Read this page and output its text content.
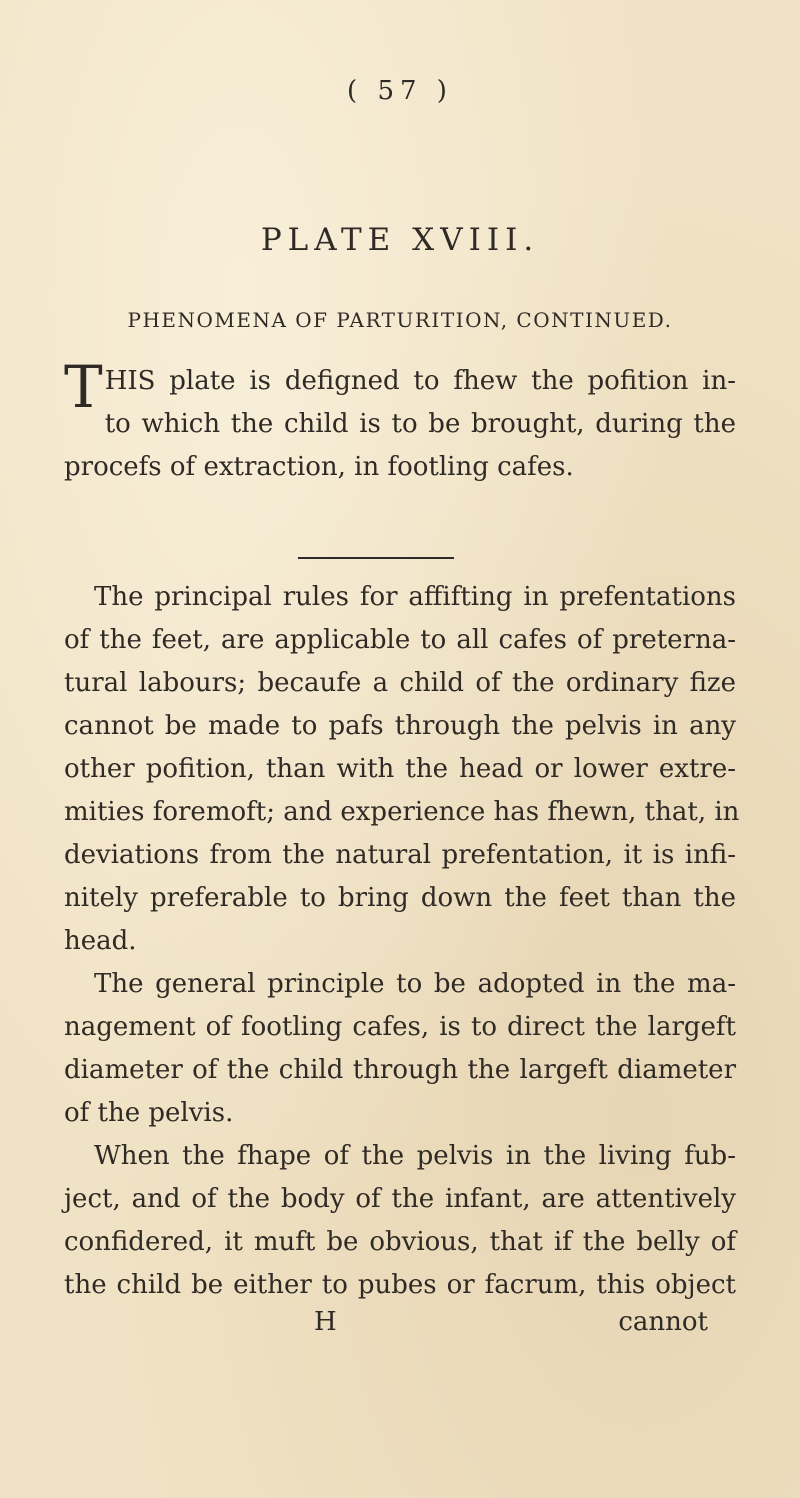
( 57 )
PLATE XVIII.
PHENOMENA OF PARTURITION, CONTINUED.
THIS plate is defigned to fhew the pofition in-
to which the child is to be brought, during the
procefs of extraction, in footling cafes.
The principal rules for affifting in prefentations
of the feet, are applicable to all cafes of preterna-
tural labours; becaufe a child of the ordinary fize
cannot be made to pafs through the pelvis in any
other pofition, than with the head or lower extre-
mities foremoft; and experience has fhewn, that, in
deviations from the natural prefentation, it is infi-
nitely preferable to bring down the feet than the
head.
The general principle to be adopted in the ma-
nagement of footling cafes, is to direct the largeft
diameter of the child through the largeft diameter
of the pelvis.
When the fhape of the pelvis in the living fub-
ject, and of the body of the infant, are attentively
confidered, it muft be obvious, that if the belly of
the child be either to pubes or facrum, this object
H	cannot
